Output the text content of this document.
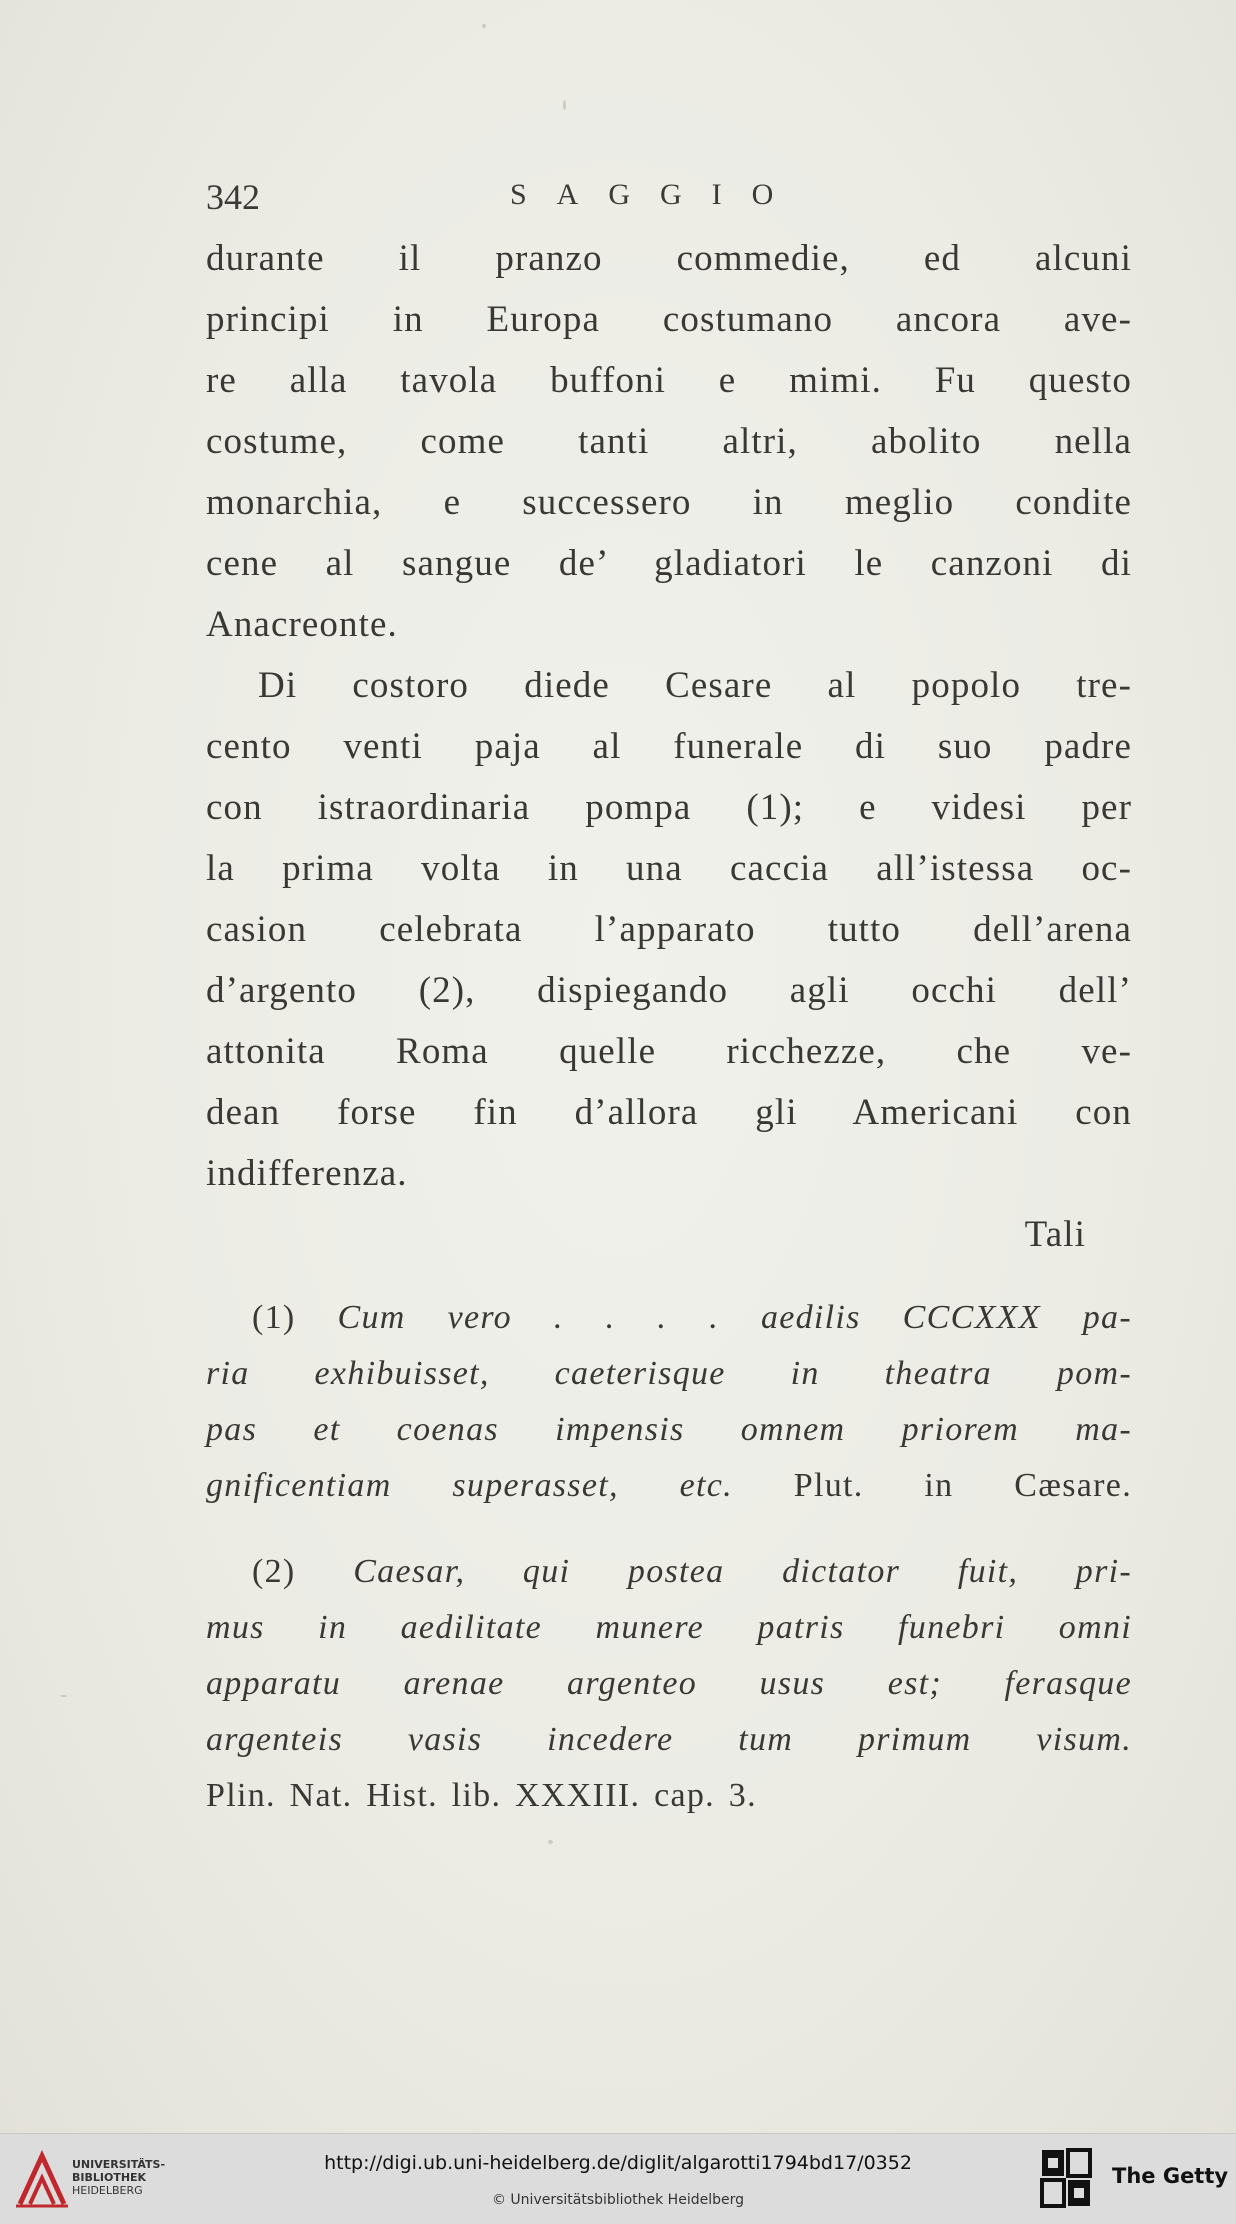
342	SAGGIO
durante il pranzo commedie, ed alcuni
principi in Europa costumano ancora ave-
re alla tavola buffoni e mimi. Fu questo
costume, come tanti altri, abolito nella
monarchia, e successero in meglio condite
cene al sangue de’ gladiatori le canzoni di
Anacreonte.
Di costoro diede Cesare al popolo tre-
cento venti paja al funerale di suo padre
con istraordinaria pompa (1); e videsi per
la prima volta in una caccia all’istessa oc-
casion celebrata l’apparato tutto dell’arena
d’argento (2), dispiegando agli occhi dell’
attonita Roma quelle ricchezze, che ve-
dean forse fin d’allora gli Americani con
indifferenza.
Tali
(1) Cum vero . . . . aedilis CCCXXX pa-
ria exhibuisset, caeterisque in theatra pom-
pas et coenas impensis omnem priorem ma-
gnificentiam superasset, etc. Plut. in Cæsare.
(2) Caesar, qui postea dictator fuit, pri-
mus in aedilitate munere patris funebri omni
apparatu arenae argenteo usus est; ferasque
argenteis vasis incedere tum primum visum.
Plin. Nat. Hist. lib. XXXIII. cap. 3.
UNIVERSITÄTS-
BIBLIOTHEK
HEIDELBERG
http://digi.ub.uni-heidelberg.de/diglit/algarotti1794bd17/0352
© Universitätsbibliothek Heidelberg
The Getty
